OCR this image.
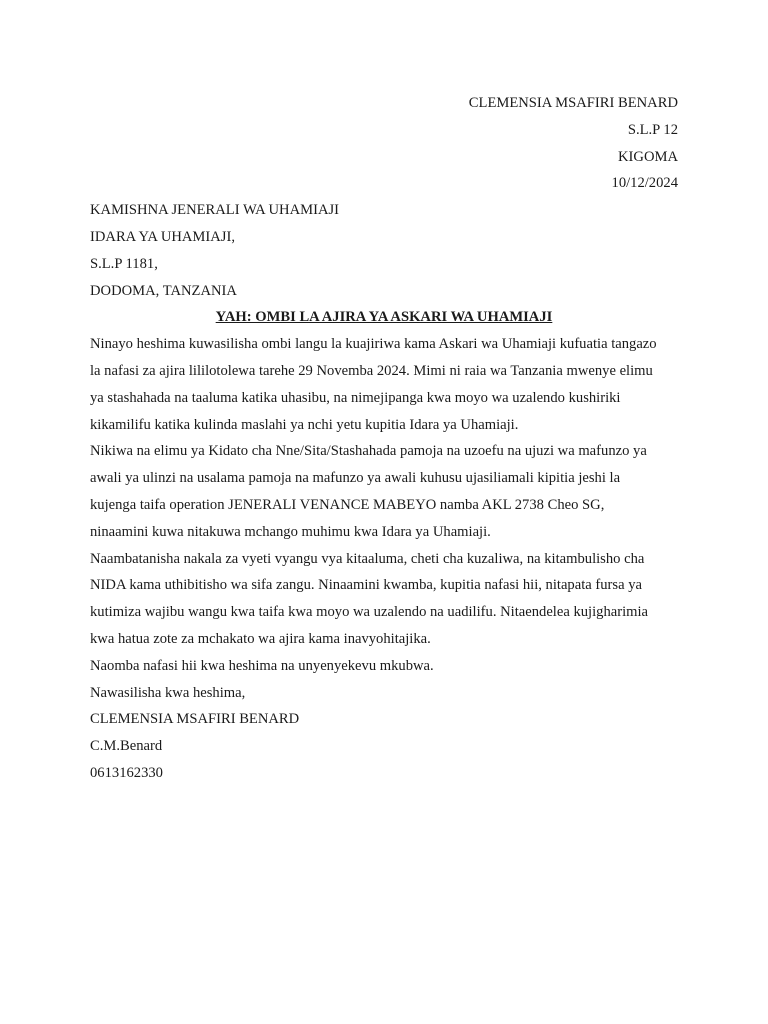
CLEMENSIA MSAFIRI BENARD
S.L.P 12
KIGOMA
10/12/2024
KAMISHNA JENERALI WA UHAMIAJI
IDARA YA UHAMIAJI,
S.L.P 1181,
DODOMA, TANZANIA
YAH: OMBI LA AJIRA YA ASKARI WA UHAMIAJI
Ninayo heshima kuwasilisha ombi langu la kuajiriwa kama Askari wa Uhamiaji kufuatia tangazo
la nafasi za ajira lililotolewa tarehe 29 Novemba 2024. Mimi ni raia wa Tanzania mwenye elimu
ya stashahada na taaluma katika uhasibu, na nimejipanga kwa moyo wa uzalendo kushiriki
kikamilifu katika kulinda maslahi ya nchi yetu kupitia Idara ya Uhamiaji.
Nikiwa na elimu ya Kidato cha Nne/Sita/Stashahada pamoja na uzoefu na ujuzi wa mafunzo ya
awali ya ulinzi na usalama pamoja na mafunzo ya awali kuhusu ujasiliamali kipitia jeshi la
kujenga taifa operation JENERALI VENANCE MABEYO namba AKL 2738 Cheo SG,
ninaamini kuwa nitakuwa mchango muhimu kwa Idara ya Uhamiaji.
Naambatanisha nakala za vyeti vyangu vya kitaaluma, cheti cha kuzaliwa, na kitambulisho cha
NIDA kama uthibitisho wa sifa zangu. Ninaamini kwamba, kupitia nafasi hii, nitapata fursa ya
kutimiza wajibu wangu kwa taifa kwa moyo wa uzalendo na uadilifu. Nitaendelea kujigharimia
kwa hatua zote za mchakato wa ajira kama inavyohitajika.
Naomba nafasi hii kwa heshima na unyenyekevu mkubwa.
Nawasilisha kwa heshima,
CLEMENSIA MSAFIRI BENARD
C.M.Benard
0613162330
